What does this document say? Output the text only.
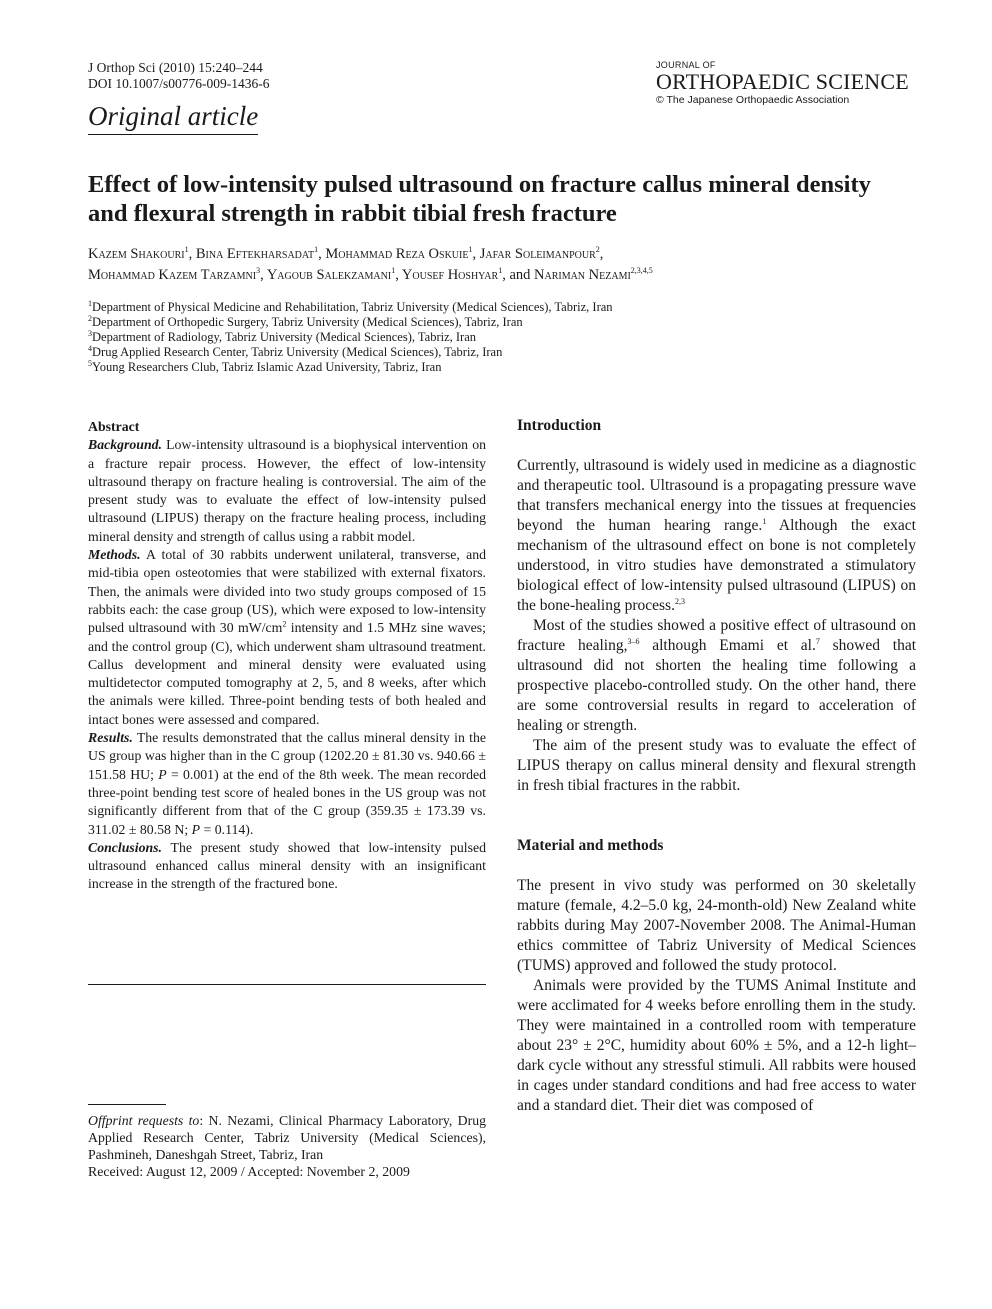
J Orthop Sci (2010) 15:240–244
DOI 10.1007/s00776-009-1436-6
Original article
JOURNAL OF
ORTHOPAEDIC SCIENCE
© The Japanese Orthopaedic Association
Effect of low-intensity pulsed ultrasound on fracture callus mineral density and flexural strength in rabbit tibial fresh fracture
Kazem Shakouri$^1$, Bina Eftekharsadat$^1$, Mohammad Reza Oskuie$^1$, Jafar Soleimanpour$^2$,
Mohammad Kazem Tarzamni$^3$, Yagoub Salekzamani$^1$, Yousef Hoshyar$^1$, and Nariman Nezami$^{2,3,4,5}$
$^1$Department of Physical Medicine and Rehabilitation, Tabriz University (Medical Sciences), Tabriz, Iran
$^2$Department of Orthopedic Surgery, Tabriz University (Medical Sciences), Tabriz, Iran
$^3$Department of Radiology, Tabriz University (Medical Sciences), Tabriz, Iran
$^4$Drug Applied Research Center, Tabriz University (Medical Sciences), Tabriz, Iran
$^5$Young Researchers Club, Tabriz Islamic Azad University, Tabriz, Iran
Abstract

Background. Low-intensity ultrasound is a biophysical intervention on a fracture repair process. However, the effect of low-intensity ultrasound therapy on fracture healing is controversial. The aim of the present study was to evaluate the effect of low-intensity pulsed ultrasound (LIPUS) therapy on the fracture healing process, including mineral density and strength of callus using a rabbit model.

Methods. A total of 30 rabbits underwent unilateral, transverse, and mid-tibia open osteotomies that were stabilized with external fixators. Then, the animals were divided into two study groups composed of 15 rabbits each: the case group (US), which were exposed to low-intensity pulsed ultrasound with 30 $mW/cm^2$ intensity and 1.5 MHz sine waves; and the control group (C), which underwent sham ultrasound treatment. Callus development and mineral density were evaluated using multidetector computed tomography at 2, 5, and 8 weeks, after which the animals were killed. Three-point bending tests of both healed and intact bones were assessed and compared.

Results. The results demonstrated that the callus mineral density in the US group was higher than in the C group (1202.20 ± 81.30 vs. 940.66 ± 151.58 HU; P = 0.001) at the end of the 8th week. The mean recorded three-point bending test score of healed bones in the US group was not significantly different from that of the C group (359.35 ± 173.39 vs. 311.02 ± 80.58 N; P = 0.114).

Conclusions. The present study showed that low-intensity pulsed ultrasound enhanced callus mineral density with an insignificant increase in the strength of the fractured bone.

Offprint requests to: N. Nezami, Clinical Pharmacy Laboratory, Drug Applied Research Center, Tabriz University (Medical Sciences), Pashmineh, Daneshgah Street, Tabriz, Iran

Received: August 12, 2009 / Accepted: November 2, 2009

Introduction

Currently, ultrasound is widely used in medicine as a diagnostic and therapeutic tool. Ultrasound is a propagating pressure wave that transfers mechanical energy into the tissues at frequencies beyond the human hearing range.$^1$ Although the exact mechanism of the ultrasound effect on bone is not completely understood, in vitro studies have demonstrated a stimulatory biological effect of low-intensity pulsed ultrasound (LIPUS) on the bone-healing process.$^{2,3}$

Most of the studies showed a positive effect of ultrasound on fracture healing,$^{3-6}$ although Emami et al.$^7$ showed that ultrasound did not shorten the healing time following a prospective placebo-controlled study. On the other hand, there are some controversial results in regard to acceleration of healing or strength.

The aim of the present study was to evaluate the effect of LIPUS therapy on callus mineral density and flexural strength in fresh tibial fractures in the rabbit.

Material and methods

The present in vivo study was performed on 30 skeletally mature (female, 4.2–5.0 kg, 24-month-old) New Zealand white rabbits during May 2007-November 2008. The Animal-Human ethics committee of Tabriz University of Medical Sciences (TUMS) approved and followed the study protocol.

Animals were provided by the TUMS Animal Institute and were acclimated for 4 weeks before enrolling them in the study. They were maintained in a controlled room with temperature about 23° ± 2°C, humidity about 60% ± 5%, and a 12-h light–dark cycle without any stressful stimuli. All rabbits were housed in cages under standard conditions and had free access to water and a standard diet. Their diet was composed of
